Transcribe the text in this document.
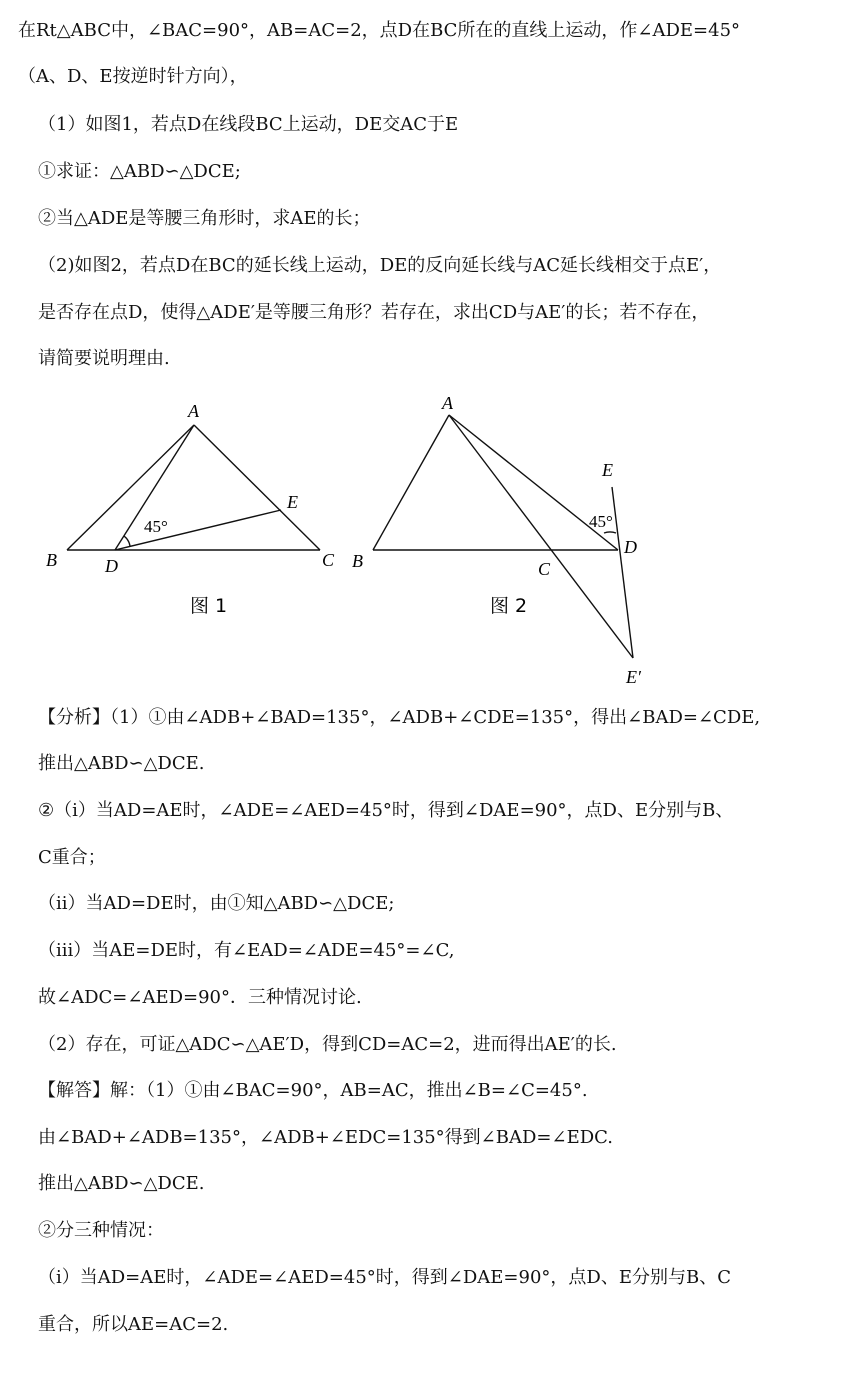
在Rt△ABC中，∠BAC=90°，AB=AC=2，点D在BC所在的直线上运动，作∠ADE=45°
（A、D、E按逆时针方向），
（1）如图1，若点D在线段BC上运动，DE交AC于E
①求证：△ABD∽△DCE;
②当△ADE是等腰三角形时，求AE的长；
（2)如图2，若点D在BC的延长线上运动，DE的反向延长线与AC延长线相交于点E′，
是否存在点D，使得△ADE′是等腰三角形？若存在，求出CD与AE′的长；若不存在，
请简要说明理由.
A
B	C
D
E
45°
图 1
A
B	C
D
E
E′
45°
图 2
【分析】（1）①由∠ADB+∠BAD=135°，∠ADB+∠CDE=135°，得出∠BAD=∠CDE,
推出△ABD∽△DCE.
②（ⅰ）当AD=AE时，∠ADE=∠AED=45°时，得到∠DAE=90°，点D、E分别与B、
C重合；
（ⅱ）当AD=DE时，由①知△ABD∽△DCE;
（ⅲ）当AE=DE时，有∠EAD=∠ADE=45°=∠C,
故∠ADC=∠AED=90°．三种情况讨论.
（2）存在，可证△ADC∽△AE′D，得到CD=AC=2，进而得出AE′的长.
【解答】解：（1）①由∠BAC=90°，AB=AC，推出∠B=∠C=45°.
由∠BAD+∠ADB=135°，∠ADB+∠EDC=135°得到∠BAD=∠EDC.
推出△ABD∽△DCE.
②分三种情况：
（ⅰ）当AD=AE时，∠ADE=∠AED=45°时，得到∠DAE=90°，点D、E分别与B、C
重合，所以AE=AC=2.
